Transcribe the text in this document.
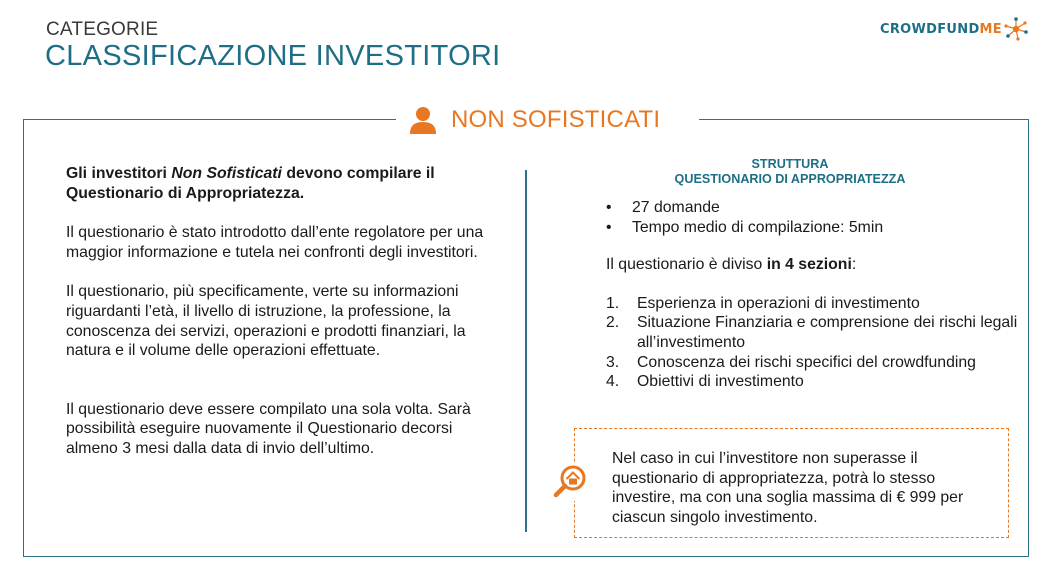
CATEGORIE
CLASSIFICAZIONE INVESTITORI
CROWDFUNDME
NON SOFISTICATI

Gli investitori Non Sofisticati devono compilare il Questionario di Appropriatezza.

Il questionario è stato introdotto dall’ente regolatore per una maggior informazione e tutela nei confronti degli investitori.

Il questionario, più specificamente, verte su informazioni riguardanti l’età, il livello di istruzione, la professione, la conoscenza dei servizi, operazioni e prodotti finanziari, la natura e il volume delle operazioni effettuate.

Il questionario deve essere compilato una sola volta. Sarà possibilità eseguire nuovamente il Questionario decorsi almeno 3 mesi dalla data di invio dell’ultimo.

STRUTTURA
QUESTIONARIO DI APPROPRIATEZZA
• 27 domande
• Tempo medio di compilazione: 5min

Il questionario è diviso in 4 sezioni:

1.	Esperienza in operazioni di investimento
2.	Situazione Finanziaria e comprensione dei rischi legali all’investimento
3.	Conoscenza dei rischi specifici del crowdfunding
4.	Obiettivi di investimento

Nel caso in cui l’investitore non superasse il questionario di appropriatezza, potrà lo stesso investire, ma con una soglia massima di € 999 per ciascun singolo investimento.
